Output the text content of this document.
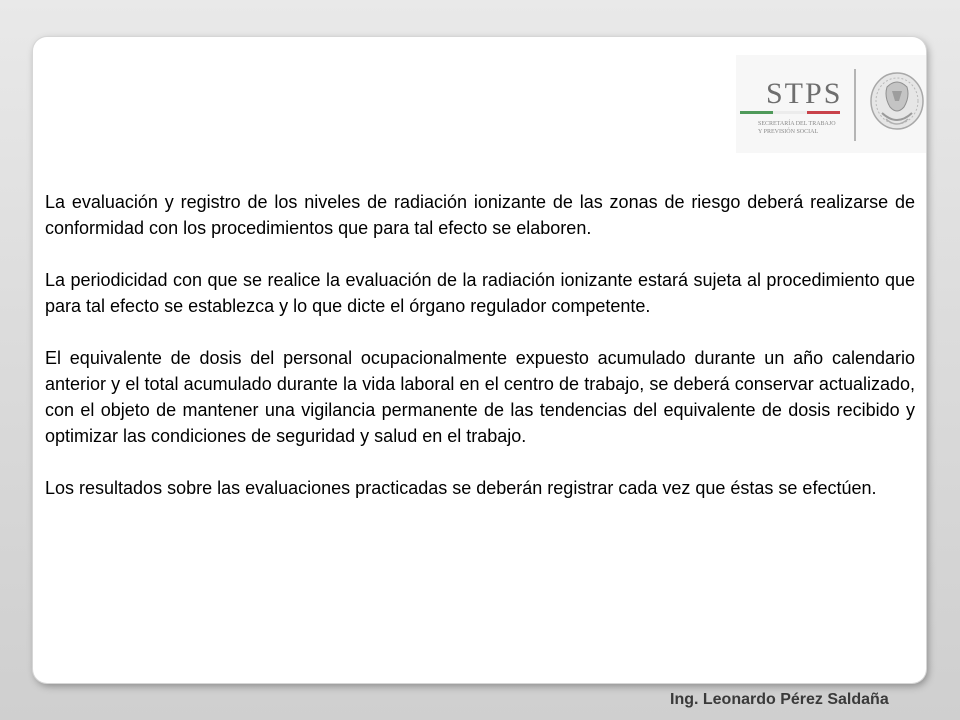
STPS
SECRETARÍA DEL TRABAJO
Y PREVISIÓN SOCIAL

La evaluación y registro de los niveles de radiación ionizante de las zonas de riesgo deberá realizarse de conformidad con los procedimientos que para tal efecto se elaboren.

La periodicidad con que se realice la evaluación de la radiación ionizante estará sujeta al procedimiento que para tal efecto se establezca y lo que dicte el órgano regulador competente.

El equivalente de dosis del personal ocupacionalmente expuesto acumulado durante un año calendario anterior y el total acumulado durante la vida laboral en el centro de trabajo, se deberá conservar actualizado, con el objeto de mantener una vigilancia permanente de las tendencias del equivalente de dosis recibido y optimizar las condiciones de seguridad y salud en el trabajo.

Los resultados sobre las evaluaciones practicadas se deberán registrar cada vez que éstas se efectúen.

Ing. Leonardo Pérez Saldaña
